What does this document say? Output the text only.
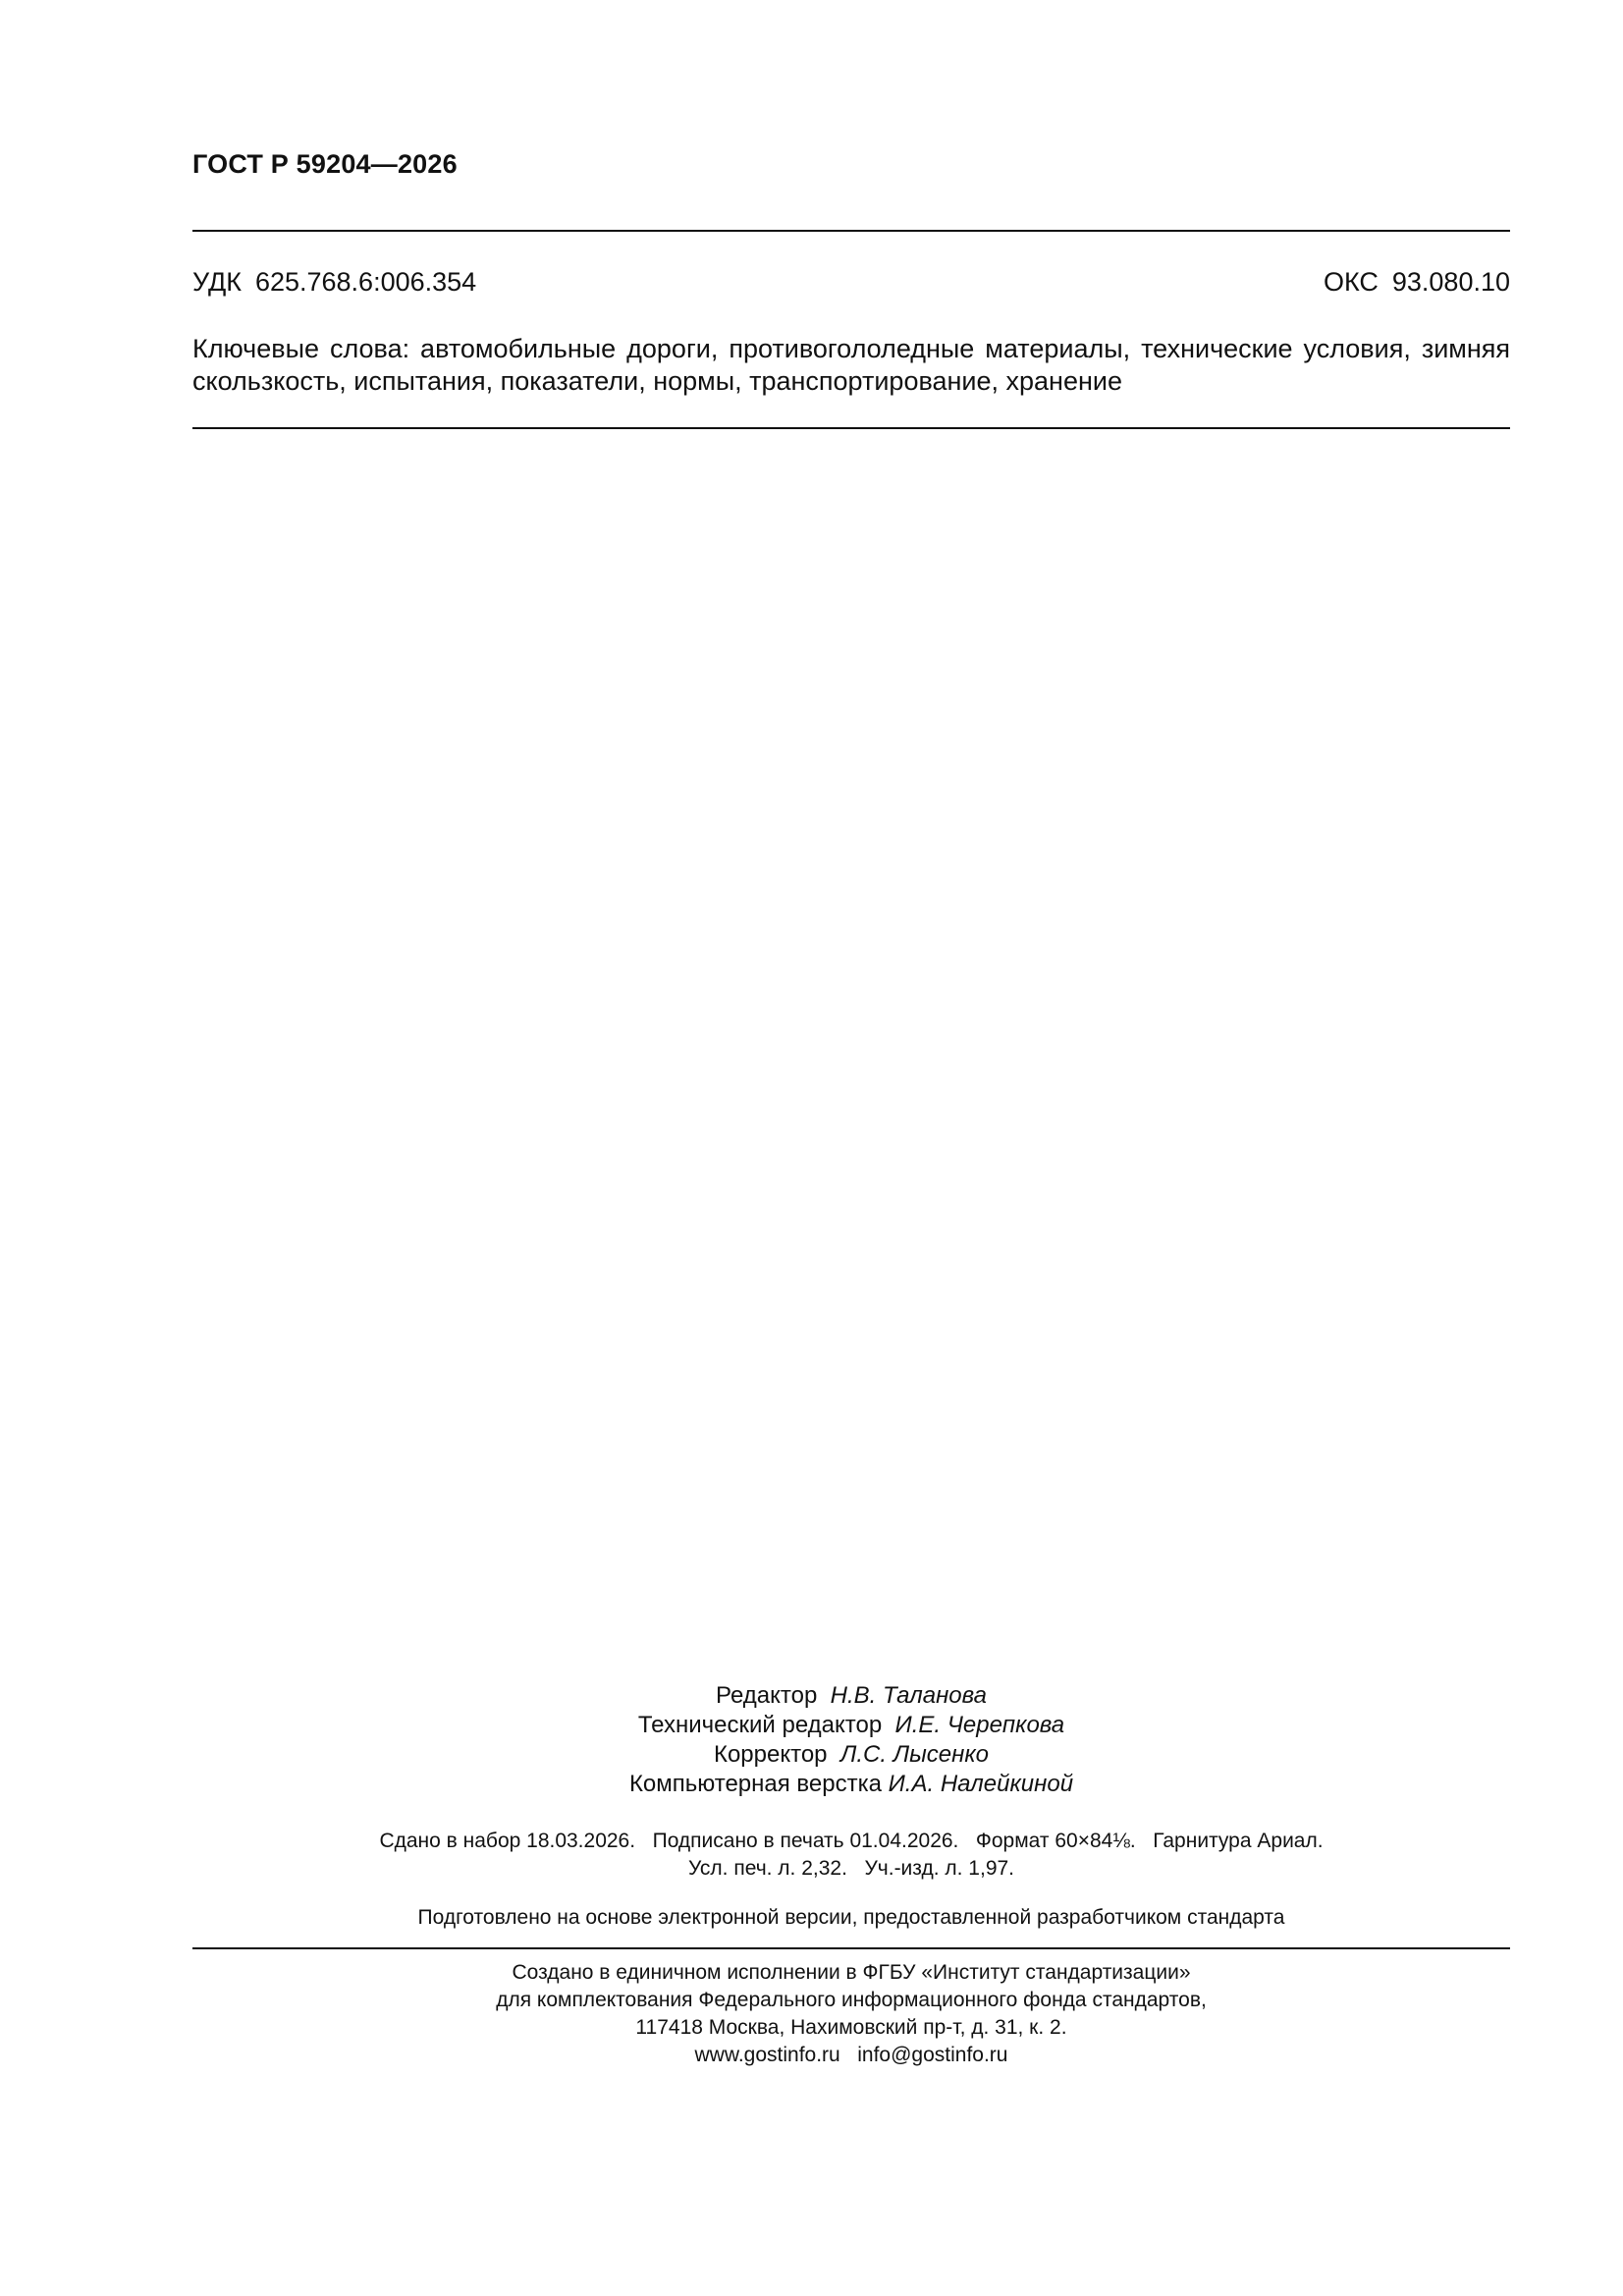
ГОСТ Р 59204—2026
УДК 625.768.6:006.354	ОКС 93.080.10
Ключевые слова: автомобильные дороги, противогололедные материалы, технические условия, зимняя скользкость, испытания, показатели, нормы, транспортирование, хранение
Редактор Н.В. Таланова
Технический редактор И.Е. Черепкова
Корректор Л.С. Лысенко
Компьютерная верстка И.А. Налейкиной
Сдано в набор 18.03.2026. Подписано в печать 01.04.2026. Формат 60×84⅛. Гарнитура Ариал.
Усл. печ. л. 2,32. Уч.-изд. л. 1,97.
Подготовлено на основе электронной версии, предоставленной разработчиком стандарта
Создано в единичном исполнении в ФГБУ «Институт стандартизации»
для комплектования Федерального информационного фонда стандартов,
117418 Москва, Нахимовский пр-т, д. 31, к. 2.
www.gostinfo.ru info@gostinfo.ru
